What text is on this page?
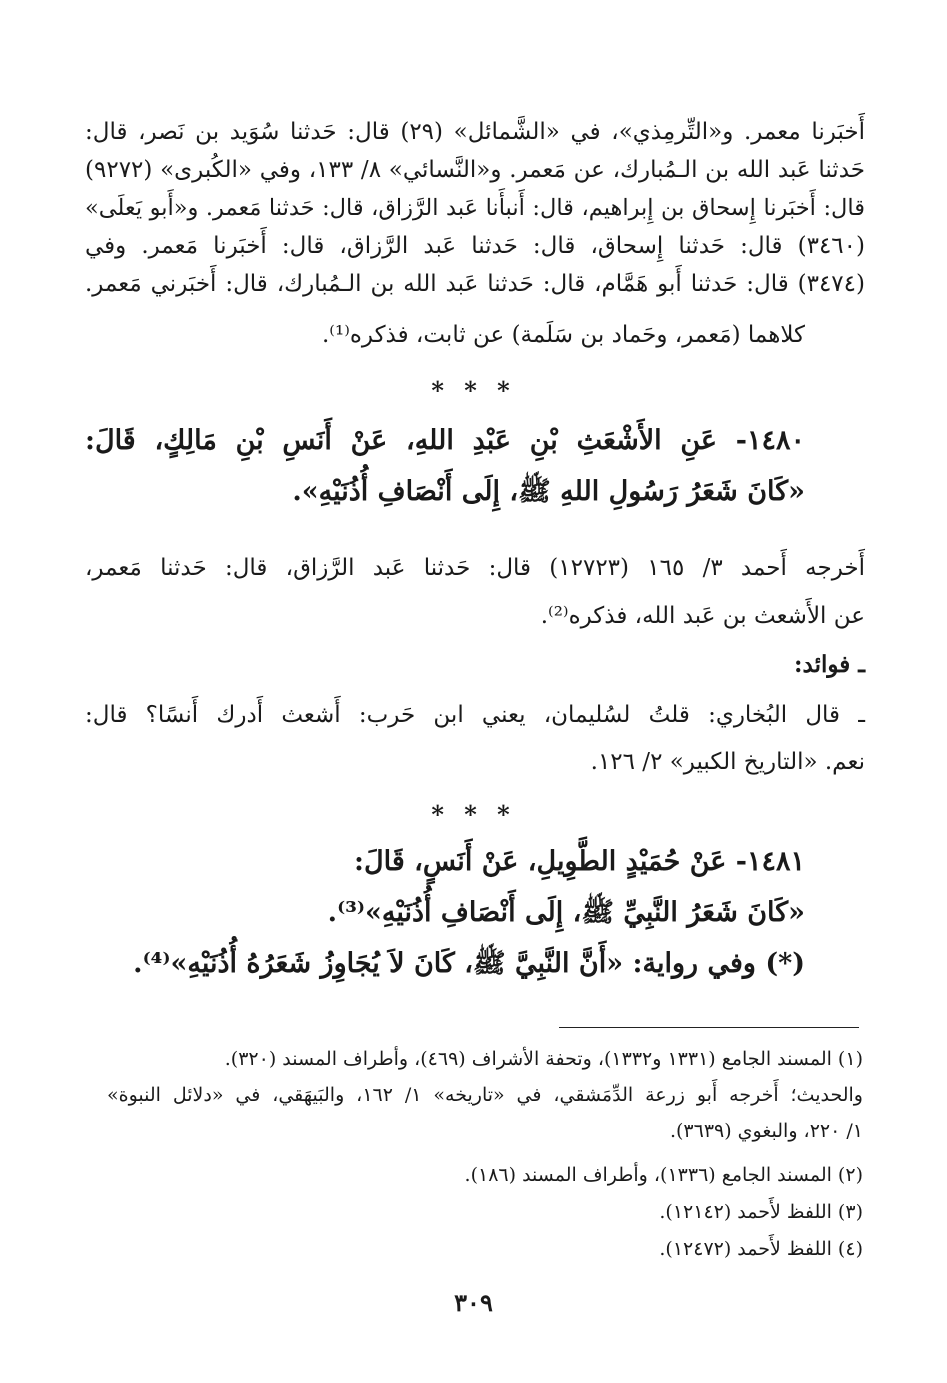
أَخبَرنا معمر. و«التِّرمِذي»، في «الشَّمائل» (٢٩) قال: حَدثنا سُوَيد بن نَصر، قال:
حَدثنا عَبد الله بن الـمُبارك، عن مَعمر. و«النَّسائي» ٨/ ١٣٣، وفي «الكُبرى» (٩٢٧٢)
قال: أَخبَرنا إِسحاق بن إِبراهيم، قال: أَنبأَنا عَبد الرَّزاق، قال: حَدثنا مَعمر. و«أَبو يَعلَى»
(٣٤٦٠) قال: حَدثنا إِسحاق، قال: حَدثنا عَبد الرَّزاق، قال: أَخبَرنا مَعمر. وفي
(٣٤٧٤) قال: حَدثنا أَبو هَمَّام، قال: حَدثنا عَبد الله بن الـمُبارك، قال: أَخبَرني مَعمر.
كلاهما (مَعمر، وحَماد بن سَلَمة) عن ثابت، فذكره⁽¹⁾.
* * *
١٤٨٠- عَنِ الأَشْعَثِ بْنِ عَبْدِ اللهِ، عَنْ أَنَسِ بْنِ مَالِكٍ، قَالَ:
«كَانَ شَعَرُ رَسُولِ اللهِ ﷺ، إِلَى أَنْصَافِ أُذُنَيْهِ».
أَخرجه أَحمد ٣/ ١٦٥ (١٢٧٢٣) قال: حَدثنا عَبد الرَّزاق، قال: حَدثنا مَعمر،
عن الأَشعث بن عَبد الله، فذكره⁽²⁾.
ـ فوائد:
ـ قال البُخاري: قلتُ لسُليمان، يعني ابن حَرب: أَشعث أَدرك أَنسًا؟ قال:
نعم. «التاريخ الكبير» ٢/ ١٢٦.
* * *
١٤٨١- عَنْ حُمَيْدٍ الطَّوِيلِ، عَنْ أَنَسٍ، قَالَ:
«كَانَ شَعَرُ النَّبِيِّ ﷺ، إِلَى أَنْصَافِ أُذُنَيْهِ»⁽³⁾.
(*) وفي رواية: «أَنَّ النَّبِيَّ ﷺ، كَانَ لاَ يُجَاوِزُ شَعَرُهُ أُذُنَيْهِ»⁽⁴⁾.
(١) المسند الجامع (١٣٣١ و١٣٣٢)، وتحفة الأشراف (٤٦٩)، وأطراف المسند (٣٢٠).
والحديث؛ أَخرجه أَبو زرعة الدِّمَشقي، في «تاريخه» ١/ ١٦٢، والبَيهَقي، في «دلائل النبوة»
١/ ٢٢٠، والبغوي (٣٦٣٩).
(٢) المسند الجامع (١٣٣٦)، وأطراف المسند (١٨٦).
(٣) اللفظ لأَحمد (١٢١٤٢).
(٤) اللفظ لأَحمد (١٢٤٧٢).
٣٠٩
